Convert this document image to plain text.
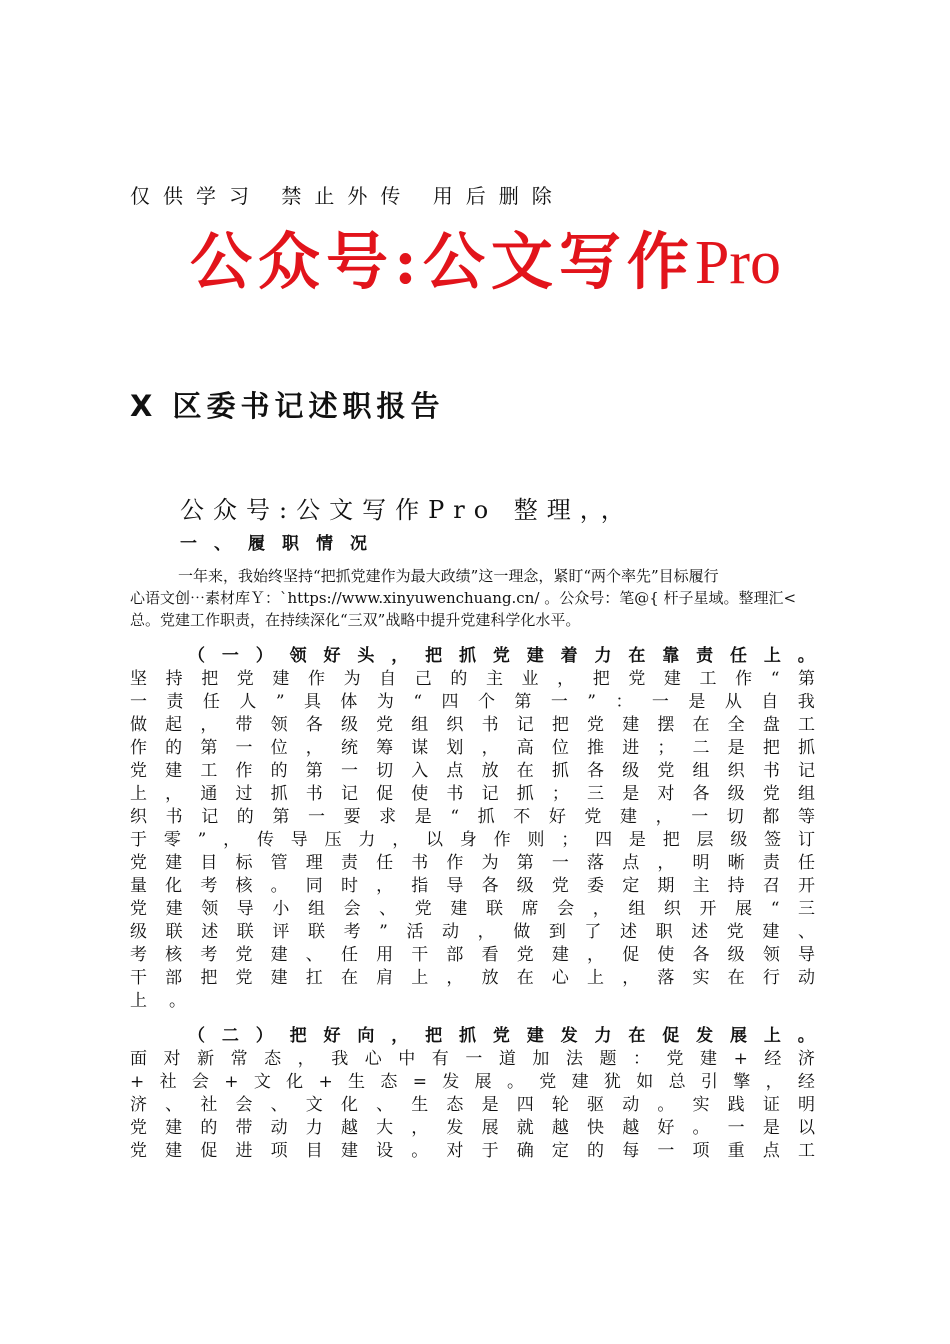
仅供学习 禁止外传 用后删除
公众号:公文写作Pro
X 区委书记述职报告
公众号:公文写作Pro 整理，，
一、履职情况

一年来，我始终坚持“把抓党建作为最大政绩”这一理念，紧盯“两个率先”目标履行

心语文创⋯素材库Ｙ：`https://www.xinyuwenchuang.cn/ 。公众号：笔@{ 杆子星域。整理汇<

总。党建工作职责，在持续深化“三双”战略中提升党建科学化水平。

（ 一 ） 领 好 头 ， 把 抓 党 建 着 力 在 靠 责 任 上 。
坚 持 把 党 建 作 为 自 己 的 主 业 ， 把 党 建 工 作 “ 第
一 责 任 人 ” 具 体 为 “ 四 个 第 一 ” ： 一 是 从 自 我
做 起 ， 带 领 各 级 党 组 织 书 记 把 党 建 摆 在 全 盘 工
作 的 第 一 位 ， 统 筹 谋 划 ， 高 位 推 进 ； 二 是 把 抓
党 建 工 作 的 第 一 切 入 点 放 在 抓 各 级 党 组 织 书 记
上 ， 通 过 抓 书 记 促 使 书 记 抓 ； 三 是 对 各 级 党 组
织 书 记 的 第 一 要 求 是 “ 抓 不 好 党 建 ， 一 切 都 等
于 零 ” ， 传 导 压 力 ， 以 身 作 则 ； 四 是 把 层 级 签 订
党 建 目 标 管 理 责 任 书 作 为 第 一 落 点 ， 明 晰 责 任
量 化 考 核 。 同 时 ， 指 导 各 级 党 委 定 期 主 持 召 开
党 建 领 导 小 组 会 、 党 建 联 席 会 ， 组 织 开 展 “ 三
级 联 述 联 评 联 考 ” 活 动 ， 做 到 了 述 职 述 党 建 、
考 核 考 党 建 、 任 用 干 部 看 党 建 ， 促 使 各 级 领 导
干 部 把 党 建 扛 在 肩 上 ， 放 在 心 上 ， 落 实 在 行 动
上。
（ 二 ） 把 好 向 ， 把 抓 党 建 发 力 在 促 发 展 上 。
面 对 新 常 态 ， 我 心 中 有 一 道 加 法 题 ： 党 建 + 经 济
+ 社 会 + 文 化 + 生 态 = 发 展 。 党 建 犹 如 总 引 擎 ， 经
济 、 社 会 、 文 化 、 生 态 是 四 轮 驱 动 。 实 践 证 明
党 建 的 带 动 力 越 大 ， 发 展 就 越 快 越 好 。 一 是 以
党 建 促 进 项 目 建 设 。 对 于 确 定 的 每 一 项 重 点 工
